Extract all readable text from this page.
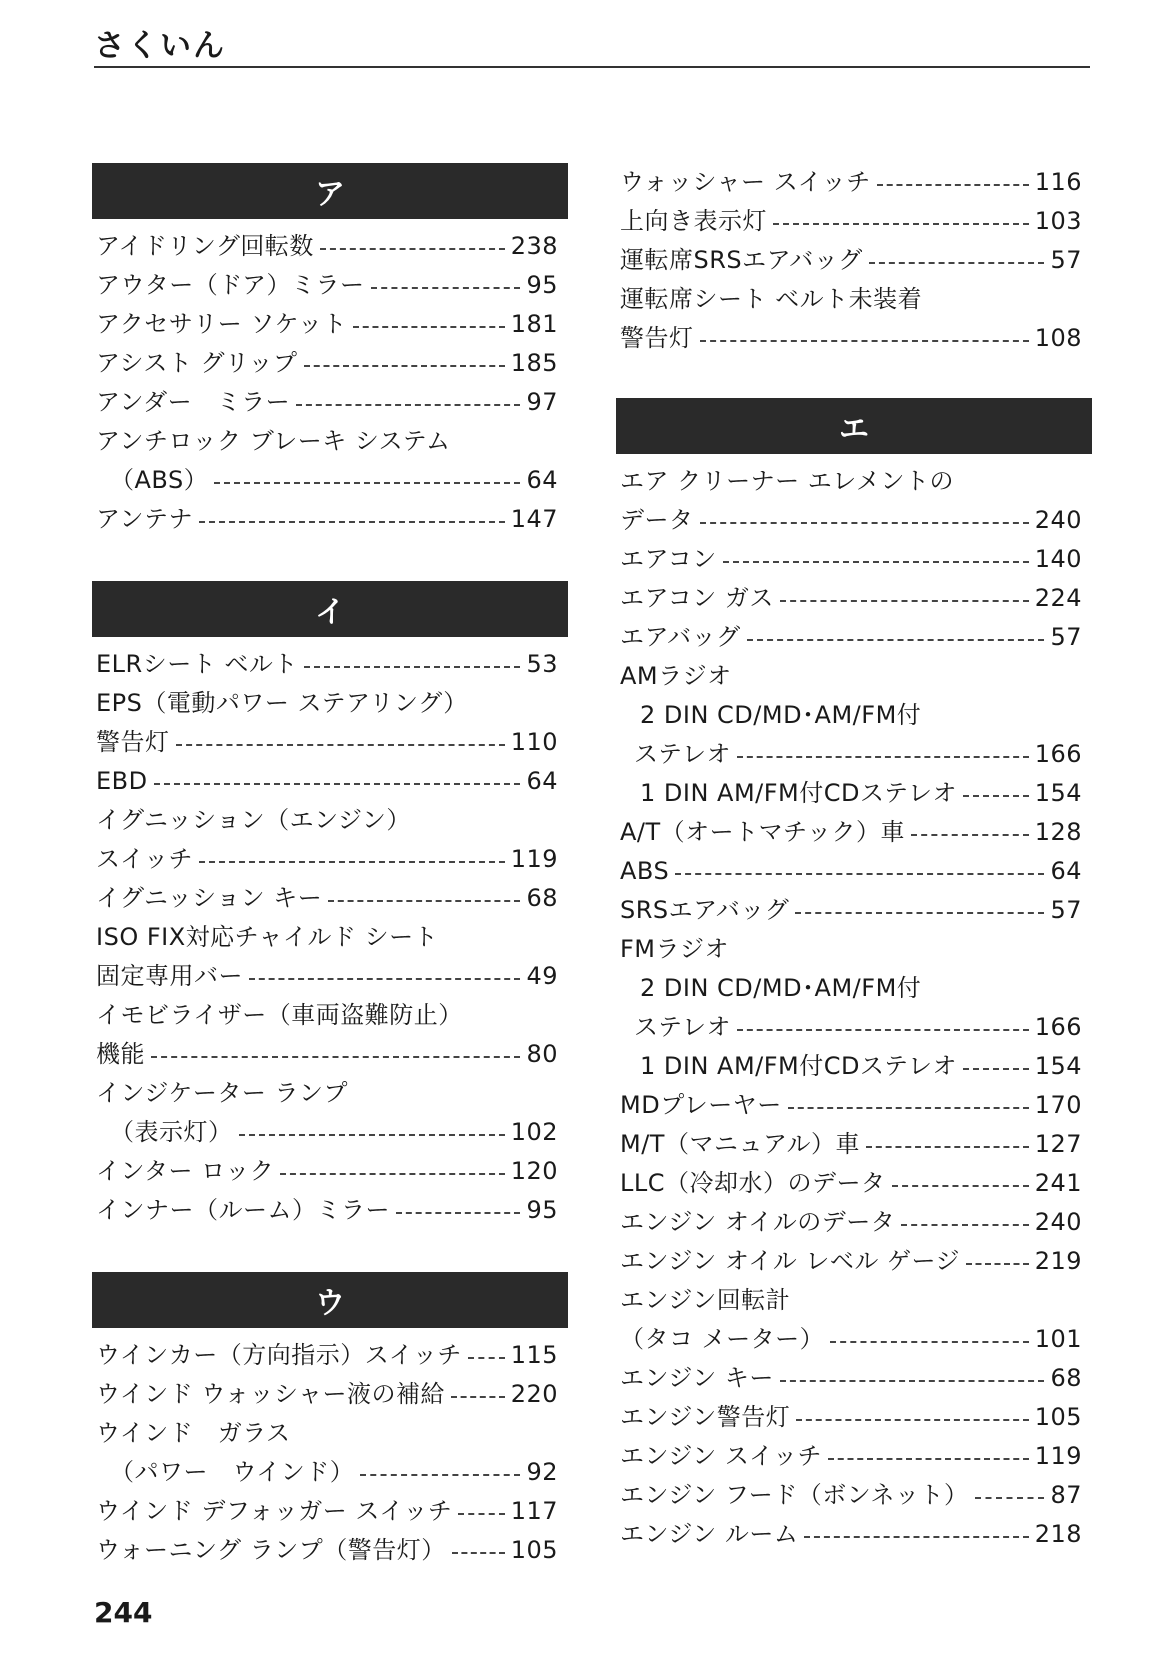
さくいん
ア
アイドリング回転数	238
アウター（ドア）ミラー	95
アクセサリー ソケット	181
アシスト グリップ	185
アンダー　ミラー	97
アンチロック ブレーキ システム
（ABS）	64
アンテナ	147
イ
ELRシート ベルト	53
EPS（電動パワー ステアリング）
警告灯	110
EBD	64
イグニッション（エンジン）
スイッチ	119
イグニッション キー	68
ISO FIX対応チャイルド シート
固定専用バー	49
イモビライザー（車両盗難防止）
機能	80
インジケーター ランプ
（表示灯）	102
インター ロック	120
インナー（ルーム）ミラー	95
ウ
ウインカー（方向指示）スイッチ 115
ウインド ウォッシャー液の補給	220
ウインド　ガラス
（パワー　ウインド）	92
ウインド デフォッガー スイッチ 117
ウォーニング ランプ（警告灯）	105
ウォッシャー スイッチ	116
上向き表示灯	103
運転席SRSエアバッグ	57
運転席シート ベルト未装着
警告灯	108
エ
エア クリーナー エレメントの
データ	240
エアコン	140
エアコン ガス	224
エアバッグ	57
AMラジオ
2 DIN CD/MD･AM/FM付
ステレオ	166
1 DIN AM/FM付CDステレオ	154
A/T（オートマチック）車	128
ABS	64
SRSエアバッグ	57
FMラジオ
2 DIN CD/MD･AM/FM付
ステレオ	166
1 DIN AM/FM付CDステレオ	154
MDプレーヤー	170
M/T（マニュアル）車	127
LLC（冷却水）のデータ	241
エンジン オイルのデータ	240
エンジン オイル レベル ゲージ	219
エンジン回転計
（タコ メーター）	101
エンジン キー	68
エンジン警告灯	105
エンジン スイッチ	119
エンジン フード（ボンネット）	87
エンジン ルーム	218
244
